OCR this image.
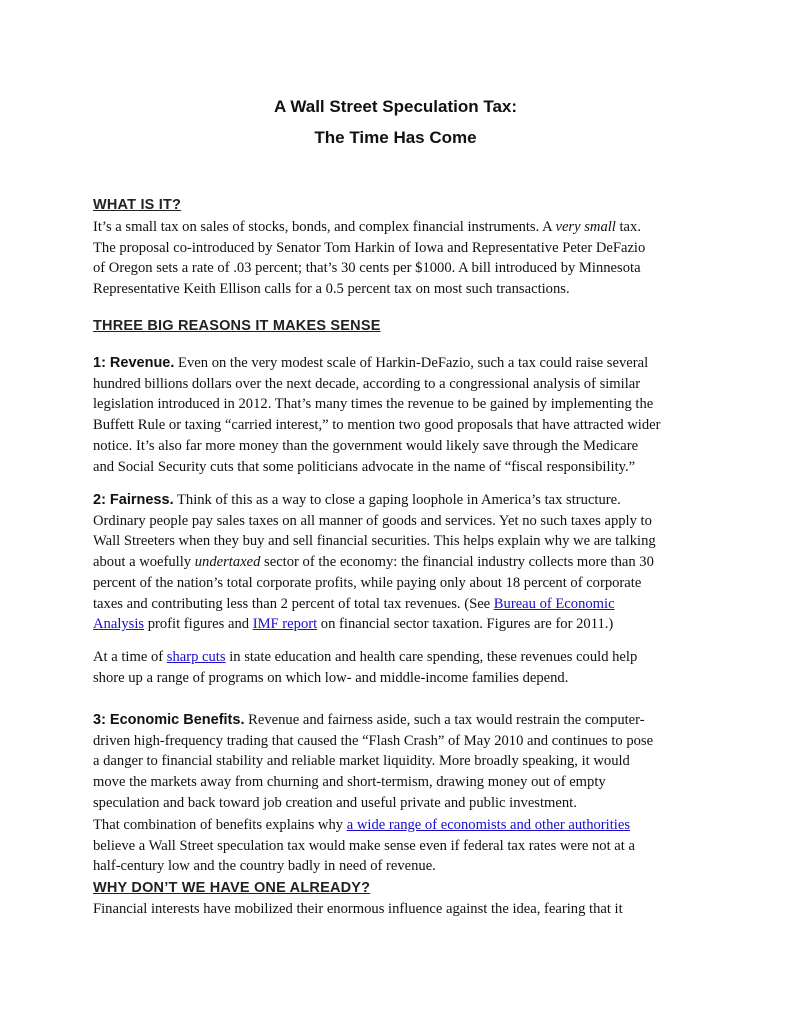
A Wall Street Speculation Tax:
The Time Has Come
WHAT IS IT?
It’s a small tax on sales of stocks, bonds, and complex financial instruments. A very small tax.
The proposal co-introduced by Senator Tom Harkin of Iowa and Representative Peter DeFazio
of Oregon sets a rate of .03 percent; that’s 30 cents per $1000. A bill introduced by Minnesota
Representative Keith Ellison calls for a 0.5 percent tax on most such transactions.
THREE BIG REASONS IT MAKES SENSE
1: Revenue. Even on the very modest scale of Harkin-DeFazio, such a tax could raise several
hundred billions dollars over the next decade, according to a congressional analysis of similar
legislation introduced in 2012. That’s many times the revenue to be gained by implementing the
Buffett Rule or taxing “carried interest,” to mention two good proposals that have attracted wider
notice. It’s also far more money than the government would likely save through the Medicare
and Social Security cuts that some politicians advocate in the name of “fiscal responsibility.”
2: Fairness. Think of this as a way to close a gaping loophole in America’s tax structure.
Ordinary people pay sales taxes on all manner of goods and services. Yet no such taxes apply to
Wall Streeters when they buy and sell financial securities. This helps explain why we are talking
about a woefully undertaxed sector of the economy: the financial industry collects more than 30
percent of the nation’s total corporate profits, while paying only about 18 percent of corporate
taxes and contributing less than 2 percent of total tax revenues. (See Bureau of Economic
Analysis profit figures and IMF report on financial sector taxation. Figures are for 2011.)
At a time of sharp cuts in state education and health care spending, these revenues could help
shore up a range of programs on which low- and middle-income families depend.
3: Economic Benefits. Revenue and fairness aside, such a tax would restrain the computer-
driven high-frequency trading that caused the “Flash Crash” of May 2010 and continues to pose
a danger to financial stability and reliable market liquidity. More broadly speaking, it would
move the markets away from churning and short-termism, drawing money out of empty
speculation and back toward job creation and useful private and public investment.
That combination of benefits explains why a wide range of economists and other authorities
believe a Wall Street speculation tax would make sense even if federal tax rates were not at a
half-century low and the country badly in need of revenue.
WHY DON’T WE HAVE ONE ALREADY?
Financial interests have mobilized their enormous influence against the idea, fearing that it
